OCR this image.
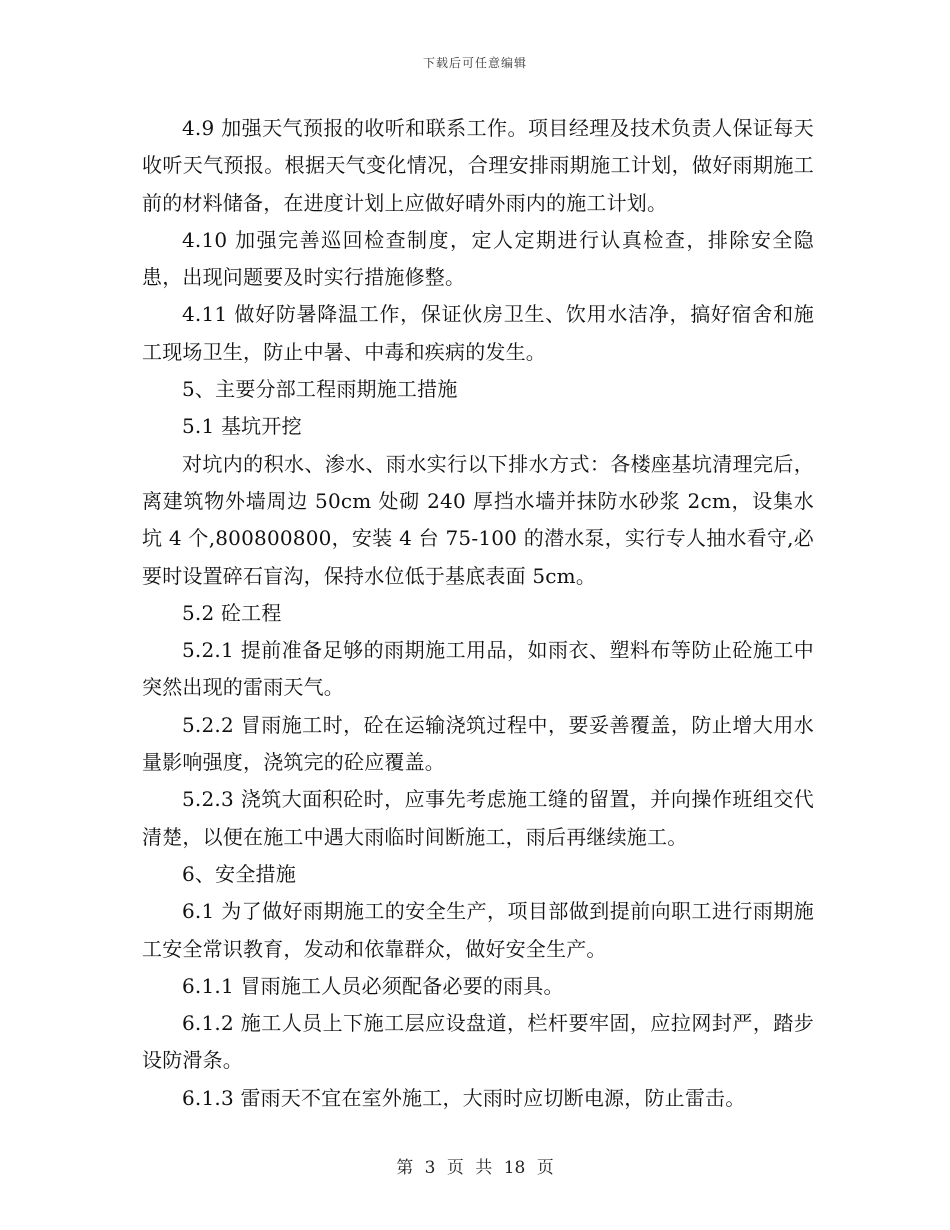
下载后可任意编辑

4.9 加强天气预报的收听和联系工作。项目经理及技术负责人保证每天收听天气预报。根据天气变化情况，合理安排雨期施工计划，做好雨期施工前的材料储备，在进度计划上应做好晴外雨内的施工计划。

4.10 加强完善巡回检查制度，定人定期进行认真检查，排除安全隐患，出现问题要及时实行措施修整。

4.11 做好防暑降温工作，保证伙房卫生、饮用水洁净，搞好宿舍和施工现场卫生，防止中暑、中毒和疾病的发生。

5、主要分部工程雨期施工措施

5.1 基坑开挖

对坑内的积水、渗水、雨水实行以下排水方式：各楼座基坑清理完后，离建筑物外墙周边 50cm 处砌 240 厚挡水墙并抹防水砂浆 2cm，设集水坑 4 个,800800800，安装 4 台 75-100 的潜水泵，实行专人抽水看守,必要时设置碎石盲沟，保持水位低于基底表面 5cm。

5.2 砼工程

5.2.1 提前准备足够的雨期施工用品，如雨衣、塑料布等防止砼施工中突然出现的雷雨天气。

5.2.2 冒雨施工时，砼在运输浇筑过程中，要妥善覆盖，防止增大用水量影响强度，浇筑完的砼应覆盖。

5.2.3 浇筑大面积砼时，应事先考虑施工缝的留置，并向操作班组交代清楚，以便在施工中遇大雨临时间断施工，雨后再继续施工。

6、安全措施

6.1 为了做好雨期施工的安全生产，项目部做到提前向职工进行雨期施工安全常识教育，发动和依靠群众，做好安全生产。

6.1.1 冒雨施工人员必须配备必要的雨具。

6.1.2 施工人员上下施工层应设盘道，栏杆要牢固，应拉网封严，踏步设防滑条。

6.1.3 雷雨天不宜在室外施工，大雨时应切断电源，防止雷击。

第 3 页 共 18 页
